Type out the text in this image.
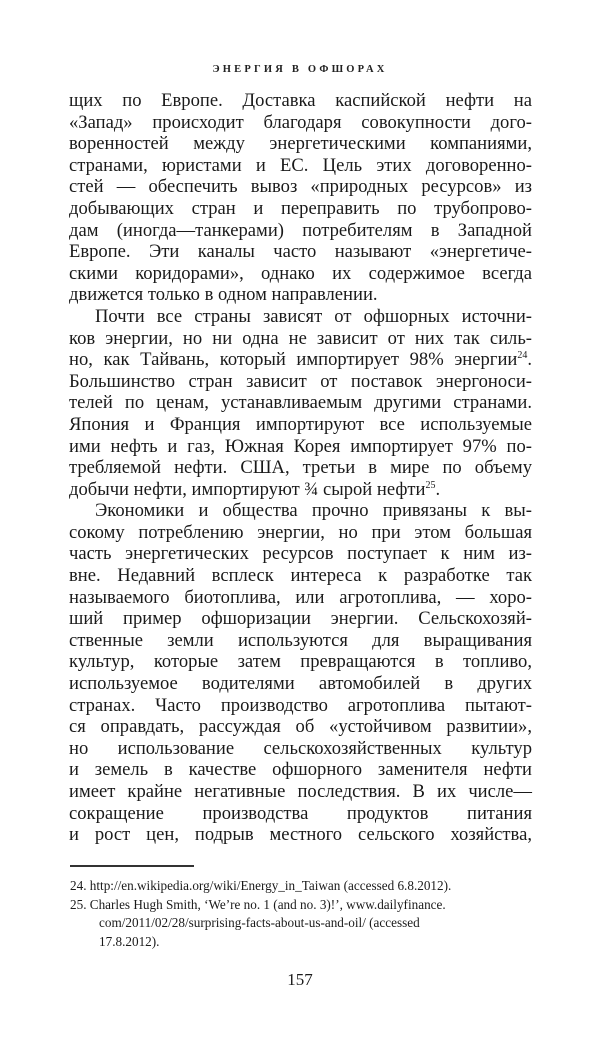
ЭНЕРГИЯ В ОФШОРАХ
щих по Европе. Доставка каспийской нефти на
«Запад» происходит благодаря совокупности дого-
воренностей между энергетическими компаниями,
странами, юристами и ЕС. Цель этих договоренно-
стей — обеспечить вывоз «природных ресурсов» из
добывающих стран и переправить по трубопрово-
дам (иногда—танкерами) потребителям в Западной
Европе. Эти каналы часто называют «энергетиче-
скими коридорами», однако их содержимое всегда
движется только в одном направлении.
Почти все страны зависят от офшорных источни-
ков энергии, но ни одна не зависит от них так силь-
но, как Тайвань, который импортирует 98% энергии$^{24}$.
Большинство стран зависит от поставок энергоноси-
телей по ценам, устанавливаемым другими странами.
Япония и Франция импортируют все используемые
ими нефть и газ, Южная Корея импортирует 97% по-
требляемой нефти. США, третьи в мире по объему
добычи нефти, импортируют ¾ сырой нефти$^{25}$.
Экономики и общества прочно привязаны к вы-
сокому потреблению энергии, но при этом большая
часть энергетических ресурсов поступает к ним из-
вне. Недавний всплеск интереса к разработке так
называемого биотоплива, или агротоплива, — хоро-
ший пример офшоризации энергии. Сельскохозяй-
ственные земли используются для выращивания
культур, которые затем превращаются в топливо,
используемое водителями автомобилей в других
странах. Часто производство агротоплива пытают-
ся оправдать, рассуждая об «устойчивом развитии»,
но использование сельскохозяйственных культур
и земель в качестве офшорного заменителя нефти
имеет крайне негативные последствия. В их числе—
сокращение производства продуктов питания
и рост цен, подрыв местного сельского хозяйства,
24. http://en.wikipedia.org/wiki/Energy_in_Taiwan (accessed 6.8.2012).
25. Charles Hugh Smith, ‘We’re no. 1 (and no. 3)!’, www.dailyfinance.
com/2011/02/28/surprising-facts-about-us-and-oil/ (accessed
17.8.2012).
157
